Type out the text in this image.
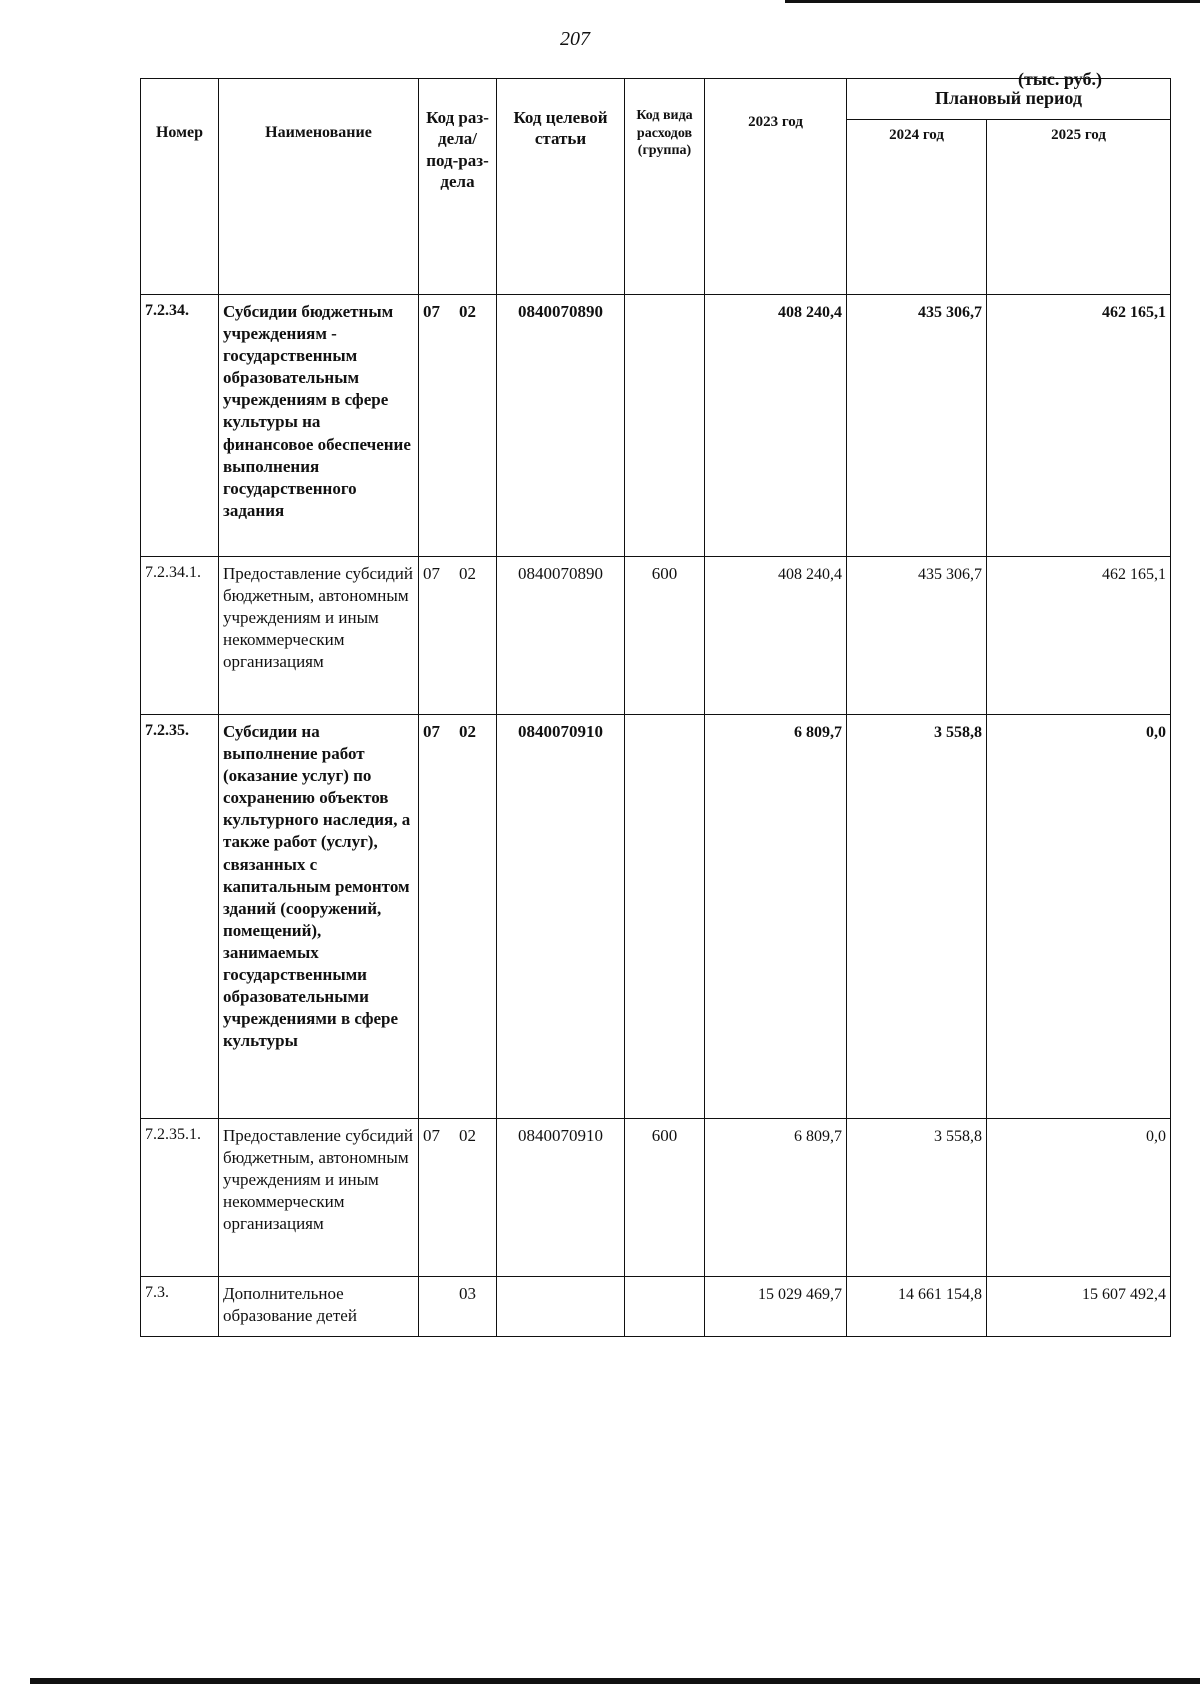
207
(тыс. руб.)
Номер	Наименование	Код раз-дела/ под-раз-дела	Код целевой статьи	Код вида расходов (группа)	2023 год	Плановый период	
						2024 год	2025 год
7.2.34.	Субсидии бюджетным учреждениям - государственным образовательным учреждениям в сфере культуры на финансовое обеспечение выполнения государственного задания	07 02	0840070890		408 240,4	435 306,7	462 165,1
7.2.34.1.	Предоставление субсидий бюджетным, автономным учреждениям и иным некоммерческим организациям	07 02	0840070890	600	408 240,4	435 306,7	462 165,1
7.2.35.	Субсидии на выполнение работ (оказание услуг) по сохранению объектов культурного наследия, а также работ (услуг), связанных с капитальным ремонтом зданий (сооружений, помещений), занимаемых государственными образовательными учреждениями в сфере культуры	07 02	0840070910		6 809,7	3 558,8	0,0
7.2.35.1.	Предоставление субсидий бюджетным, автономным учреждениям и иным некоммерческим организациям	07 02	0840070910	600	6 809,7	3 558,8	0,0
7.3.	Дополнительное образование детей	03			15 029 469,7	14 661 154,8	15 607 492,4
